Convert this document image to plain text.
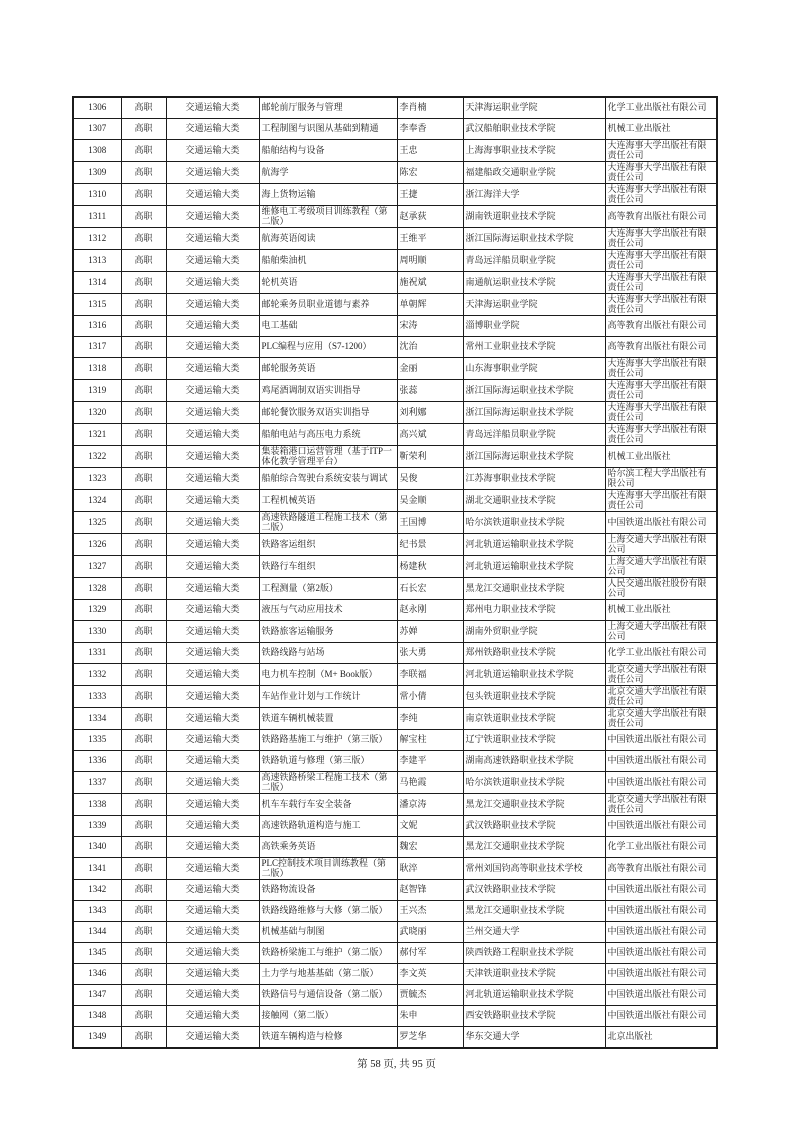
1306	高职	交通运输大类	邮轮前厅服务与管理	李肖楠	天津海运职业学院	化学工业出版社有限公司
1307	高职	交通运输大类	工程制图与识图从基础到精通	李奉香	武汉船舶职业技术学院	机械工业出版社
1308	高职	交通运输大类	船舶结构与设备	王忠	上海海事职业技术学院	大连海事大学出版社有限责任公司
1309	高职	交通运输大类	航海学	陈宏	福建船政交通职业学院	大连海事大学出版社有限责任公司
1310	高职	交通运输大类	海上货物运输	王捷	浙江海洋大学	大连海事大学出版社有限责任公司
1311	高职	交通运输大类	维修电工考级项目训练教程（第二版）	赵承荻	湖南铁道职业技术学院	高等教育出版社有限公司
1312	高职	交通运输大类	航海英语阅读	王维平	浙江国际海运职业技术学院	大连海事大学出版社有限责任公司
1313	高职	交通运输大类	船舶柴油机	周明顺	青岛远洋船员职业学院	大连海事大学出版社有限责任公司
1314	高职	交通运输大类	轮机英语	施祝斌	南通航运职业技术学院	大连海事大学出版社有限责任公司
1315	高职	交通运输大类	邮轮乘务员职业道德与素养	单朝辉	天津海运职业学院	大连海事大学出版社有限责任公司
1316	高职	交通运输大类	电工基础	宋涛	淄博职业学院	高等教育出版社有限公司
1317	高职	交通运输大类	PLC编程与应用（S7-1200）	沈治	常州工业职业技术学院	高等教育出版社有限公司
1318	高职	交通运输大类	邮轮服务英语	金丽	山东海事职业学院	大连海事大学出版社有限责任公司
1319	高职	交通运输大类	鸡尾酒调制双语实训指导	张蕊	浙江国际海运职业技术学院	大连海事大学出版社有限责任公司
1320	高职	交通运输大类	邮轮餐饮服务双语实训指导	刘利娜	浙江国际海运职业技术学院	大连海事大学出版社有限责任公司
1321	高职	交通运输大类	船舶电站与高压电力系统	高兴斌	青岛远洋船员职业学院	大连海事大学出版社有限责任公司
1322	高职	交通运输大类	集装箱港口运营管理（基于ITP一体化教学管理平台）	靳荣利	浙江国际海运职业技术学院	机械工业出版社
1323	高职	交通运输大类	船舶综合驾驶台系统安装与调试	吴俊	江苏海事职业技术学院	哈尔滨工程大学出版社有限公司
1324	高职	交通运输大类	工程机械英语	吴金顺	湖北交通职业技术学院	大连海事大学出版社有限责任公司
1325	高职	交通运输大类	高速铁路隧道工程施工技术（第二版）	王国博	哈尔滨铁道职业技术学院	中国铁道出版社有限公司
1326	高职	交通运输大类	铁路客运组织	纪书景	河北轨道运输职业技术学院	上海交通大学出版社有限公司
1327	高职	交通运输大类	铁路行车组织	杨建秋	河北轨道运输职业技术学院	上海交通大学出版社有限公司
1328	高职	交通运输大类	工程测量（第2版）	石长宏	黑龙江交通职业技术学院	人民交通出版社股份有限公司
1329	高职	交通运输大类	液压与气动应用技术	赵永刚	郑州电力职业技术学院	机械工业出版社
1330	高职	交通运输大类	铁路旅客运输服务	苏婵	湖南外贸职业学院	上海交通大学出版社有限公司
1331	高职	交通运输大类	铁路线路与站场	张大勇	郑州铁路职业技术学院	化学工业出版社有限公司
1332	高职	交通运输大类	电力机车控制（M+ Book版）	李联福	河北轨道运输职业技术学院	北京交通大学出版社有限责任公司
1333	高职	交通运输大类	车站作业计划与工作统计	常小倩	包头铁道职业技术学院	北京交通大学出版社有限责任公司
1334	高职	交通运输大类	铁道车辆机械装置	李纯	南京铁道职业技术学院	北京交通大学出版社有限责任公司
1335	高职	交通运输大类	铁路路基施工与维护（第三版）	解宝柱	辽宁铁道职业技术学院	中国铁道出版社有限公司
1336	高职	交通运输大类	铁路轨道与修理（第三版）	李建平	湖南高速铁路职业技术学院	中国铁道出版社有限公司
1337	高职	交通运输大类	高速铁路桥梁工程施工技术（第二版）	马艳霞	哈尔滨铁道职业技术学院	中国铁道出版社有限公司
1338	高职	交通运输大类	机车车载行车安全装备	潘京涛	黑龙江交通职业技术学院	北京交通大学出版社有限责任公司
1339	高职	交通运输大类	高速铁路轨道构造与施工	文妮	武汉铁路职业技术学院	中国铁道出版社有限公司
1340	高职	交通运输大类	高铁乘务英语	魏宏	黑龙江交通职业技术学院	化学工业出版社有限公司
1341	高职	交通运输大类	PLC控制技术项目训练教程（第二版）	耿淬	常州刘国钧高等职业技术学校	高等教育出版社有限公司
1342	高职	交通运输大类	铁路物流设备	赵智锋	武汉铁路职业技术学院	中国铁道出版社有限公司
1343	高职	交通运输大类	铁路线路维修与大修（第二版）	王兴杰	黑龙江交通职业技术学院	中国铁道出版社有限公司
1344	高职	交通运输大类	机械基础与制图	武晓丽	兰州交通大学	中国铁道出版社有限公司
1345	高职	交通运输大类	铁路桥梁施工与维护（第二版）	郝付军	陕西铁路工程职业技术学院	中国铁道出版社有限公司
1346	高职	交通运输大类	土力学与地基基础（第二版）	李文英	天津铁道职业技术学院	中国铁道出版社有限公司
1347	高职	交通运输大类	铁路信号与通信设备（第二版）	贾毓杰	河北轨道运输职业技术学院	中国铁道出版社有限公司
1348	高职	交通运输大类	接触网（第二版）	朱申	西安铁路职业技术学院	中国铁道出版社有限公司
1349	高职	交通运输大类	铁道车辆构造与检修	罗芝华	华东交通大学	北京出版社
第 58 页, 共 95 页
